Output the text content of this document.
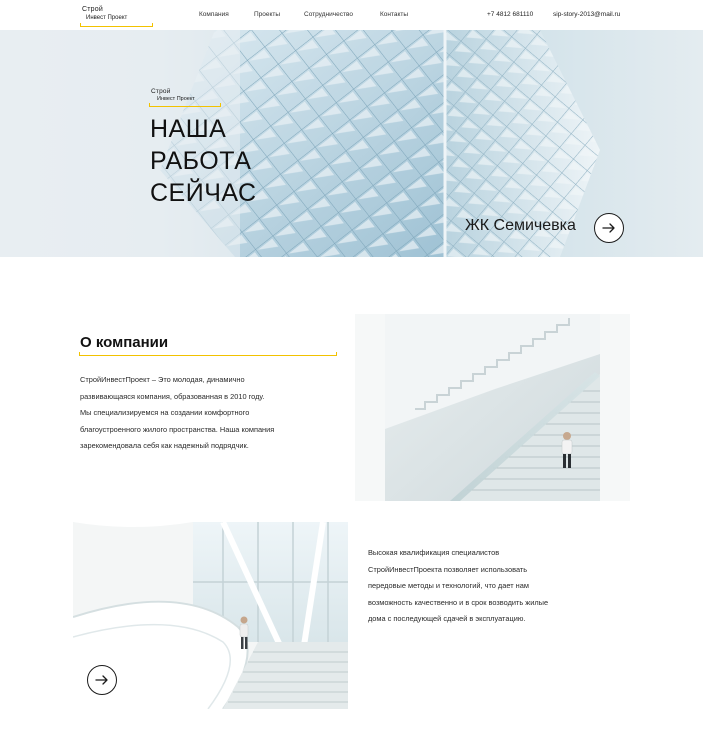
Строй
Инвест Проект	Компания	Проекты	Сотрудничество	Контакты	+7 4812 681110	sip-story-2013@mail.ru
Строй
Инвест Проект
НАША
РАБОТА
СЕЙЧАС
ЖК Семичевка
О компании
СтройИнвестПроект – Это молодая, динамично
развивающаяся компания, образованная в 2010 году.
Мы специализируемся на создании комфортного
благоустроенного жилого пространства. Наша компания
зарекомендовала себя как надежный подрядчик.
Высокая квалификация специалистов
СтройИнвестПроекта позволяет использовать
передовые методы и технологий, что дает нам
возможность качественно и в срок возводить жилые
дома с последующей сдачей в эксплуатацию.
